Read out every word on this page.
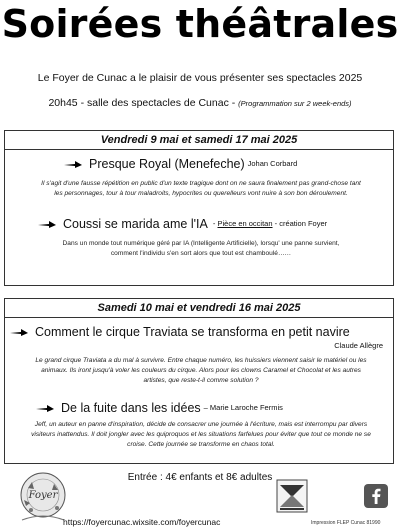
Soirées théâtrales
Le Foyer de Cunac a le plaisir de vous présenter ses spectacles 2025
20h45 - salle des spectacles de Cunac - (Programmation sur 2 week-ends)
Vendredi 9 mai et samedi 17 mai 2025
Presque Royal (Menefeche) Johan Corbard
Il s'agit d'une fausse répétition en public d'un texte tragique dont on ne saura finalement pas grand-chose tant
les personnages, tour à tour maladroits, hypocrites ou querelleurs vont nuire à son bon déroulement.
Coussi se marida ame l'IA - Pièce en occitan - création Foyer
Dans un monde tout numérique géré par IA (Intelligente Artificielle), lorsqu' une panne survient,
comment l'individu s'en sort alors que tout est chamboulé……
Samedi 10 mai et vendredi 16 mai 2025
Comment le cirque Traviata se transforma en petit navire
Claude Allègre
Le grand cirque Traviata a du mal à survivre. Entre chaque numéro, les huissiers viennent saisir le matériel ou les
animaux. Ils iront jusqu'à voler les couleurs du cirque. Alors pour les clowns Caramel et Chocolat et les autres
artistes, que reste-t-il comme solution ?
De la fuite dans les idées – Marie Laroche Fermis
Jeff, un auteur en panne d'inspiration, décide de consacrer une journée à l'écriture, mais est interrompu par divers
visiteurs inattendus. Il doit jongler avec les quiproquos et les situations farfelues pour éviter que tout ce monde ne se
croise. Cette journée se transforme en chaos total.
Entrée : 4€ enfants et 8€ adultes
Foyer
https://foyercunac.wixsite.com/foyercunac	Impression FLEP Cunac 81990
